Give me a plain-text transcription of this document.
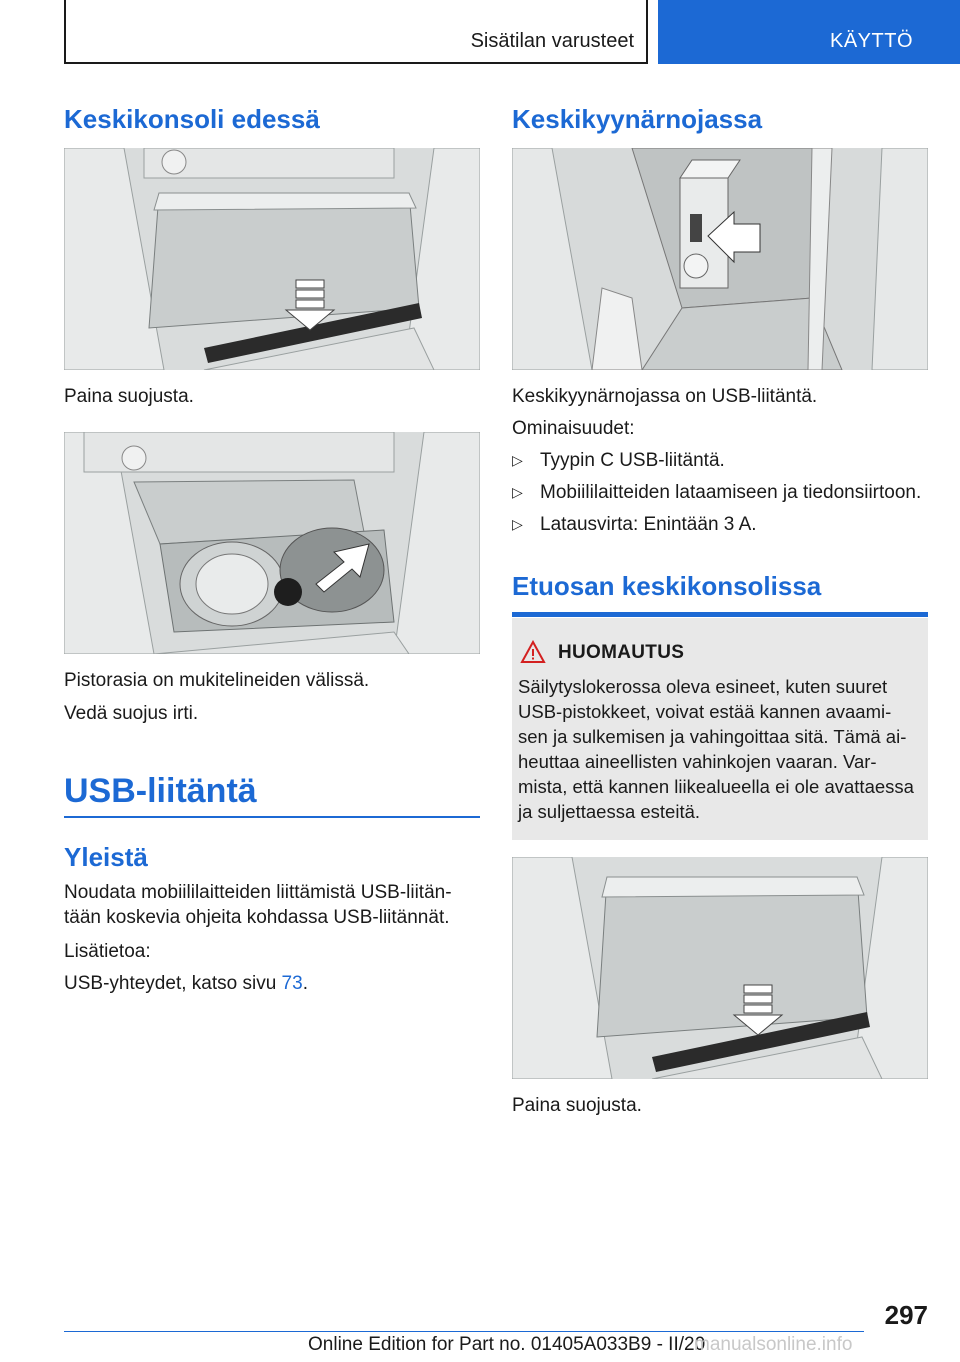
Sisätilan varusteet	KÄYTTÖ
Keskikonsoli edessä
Paina suojusta.
Pistorasia on mukitelineiden välissä.
Vedä suojus irti.
USB-liitäntä
Yleistä
Noudata mobiililaitteiden liittämistä USB-liitän-
tään koskevia ohjeita kohdassa USB-liitännät.
Lisätietoa:
USB-yhteydet, katso sivu 73.
Keskikyynärnojassa
Keskikyynärnojassa on USB-liitäntä.
Ominaisuudet:
▷ Tyypin C USB-liitäntä.
▷ Mobiililaitteiden lataamiseen ja tiedonsiirtoon.
▷ Latausvirta: Enintään 3 A.
Etuosan keskikonsolissa
HUOMAUTUS
Säilytyslokerossa oleva esineet, kuten suuret
USB-pistokkeet, voivat estää kannen avaami-
sen ja sulkemisen ja vahingoittaa sitä. Tämä ai-
heuttaa aineellisten vahinkojen vaaran. Var-
mista, että kannen liikealueella ei ole avattaessa
ja suljettaessa esteitä.
Paina suojusta.
297
Online Edition for Part no. 01405A033B9 - II/20
manualsonline.info
